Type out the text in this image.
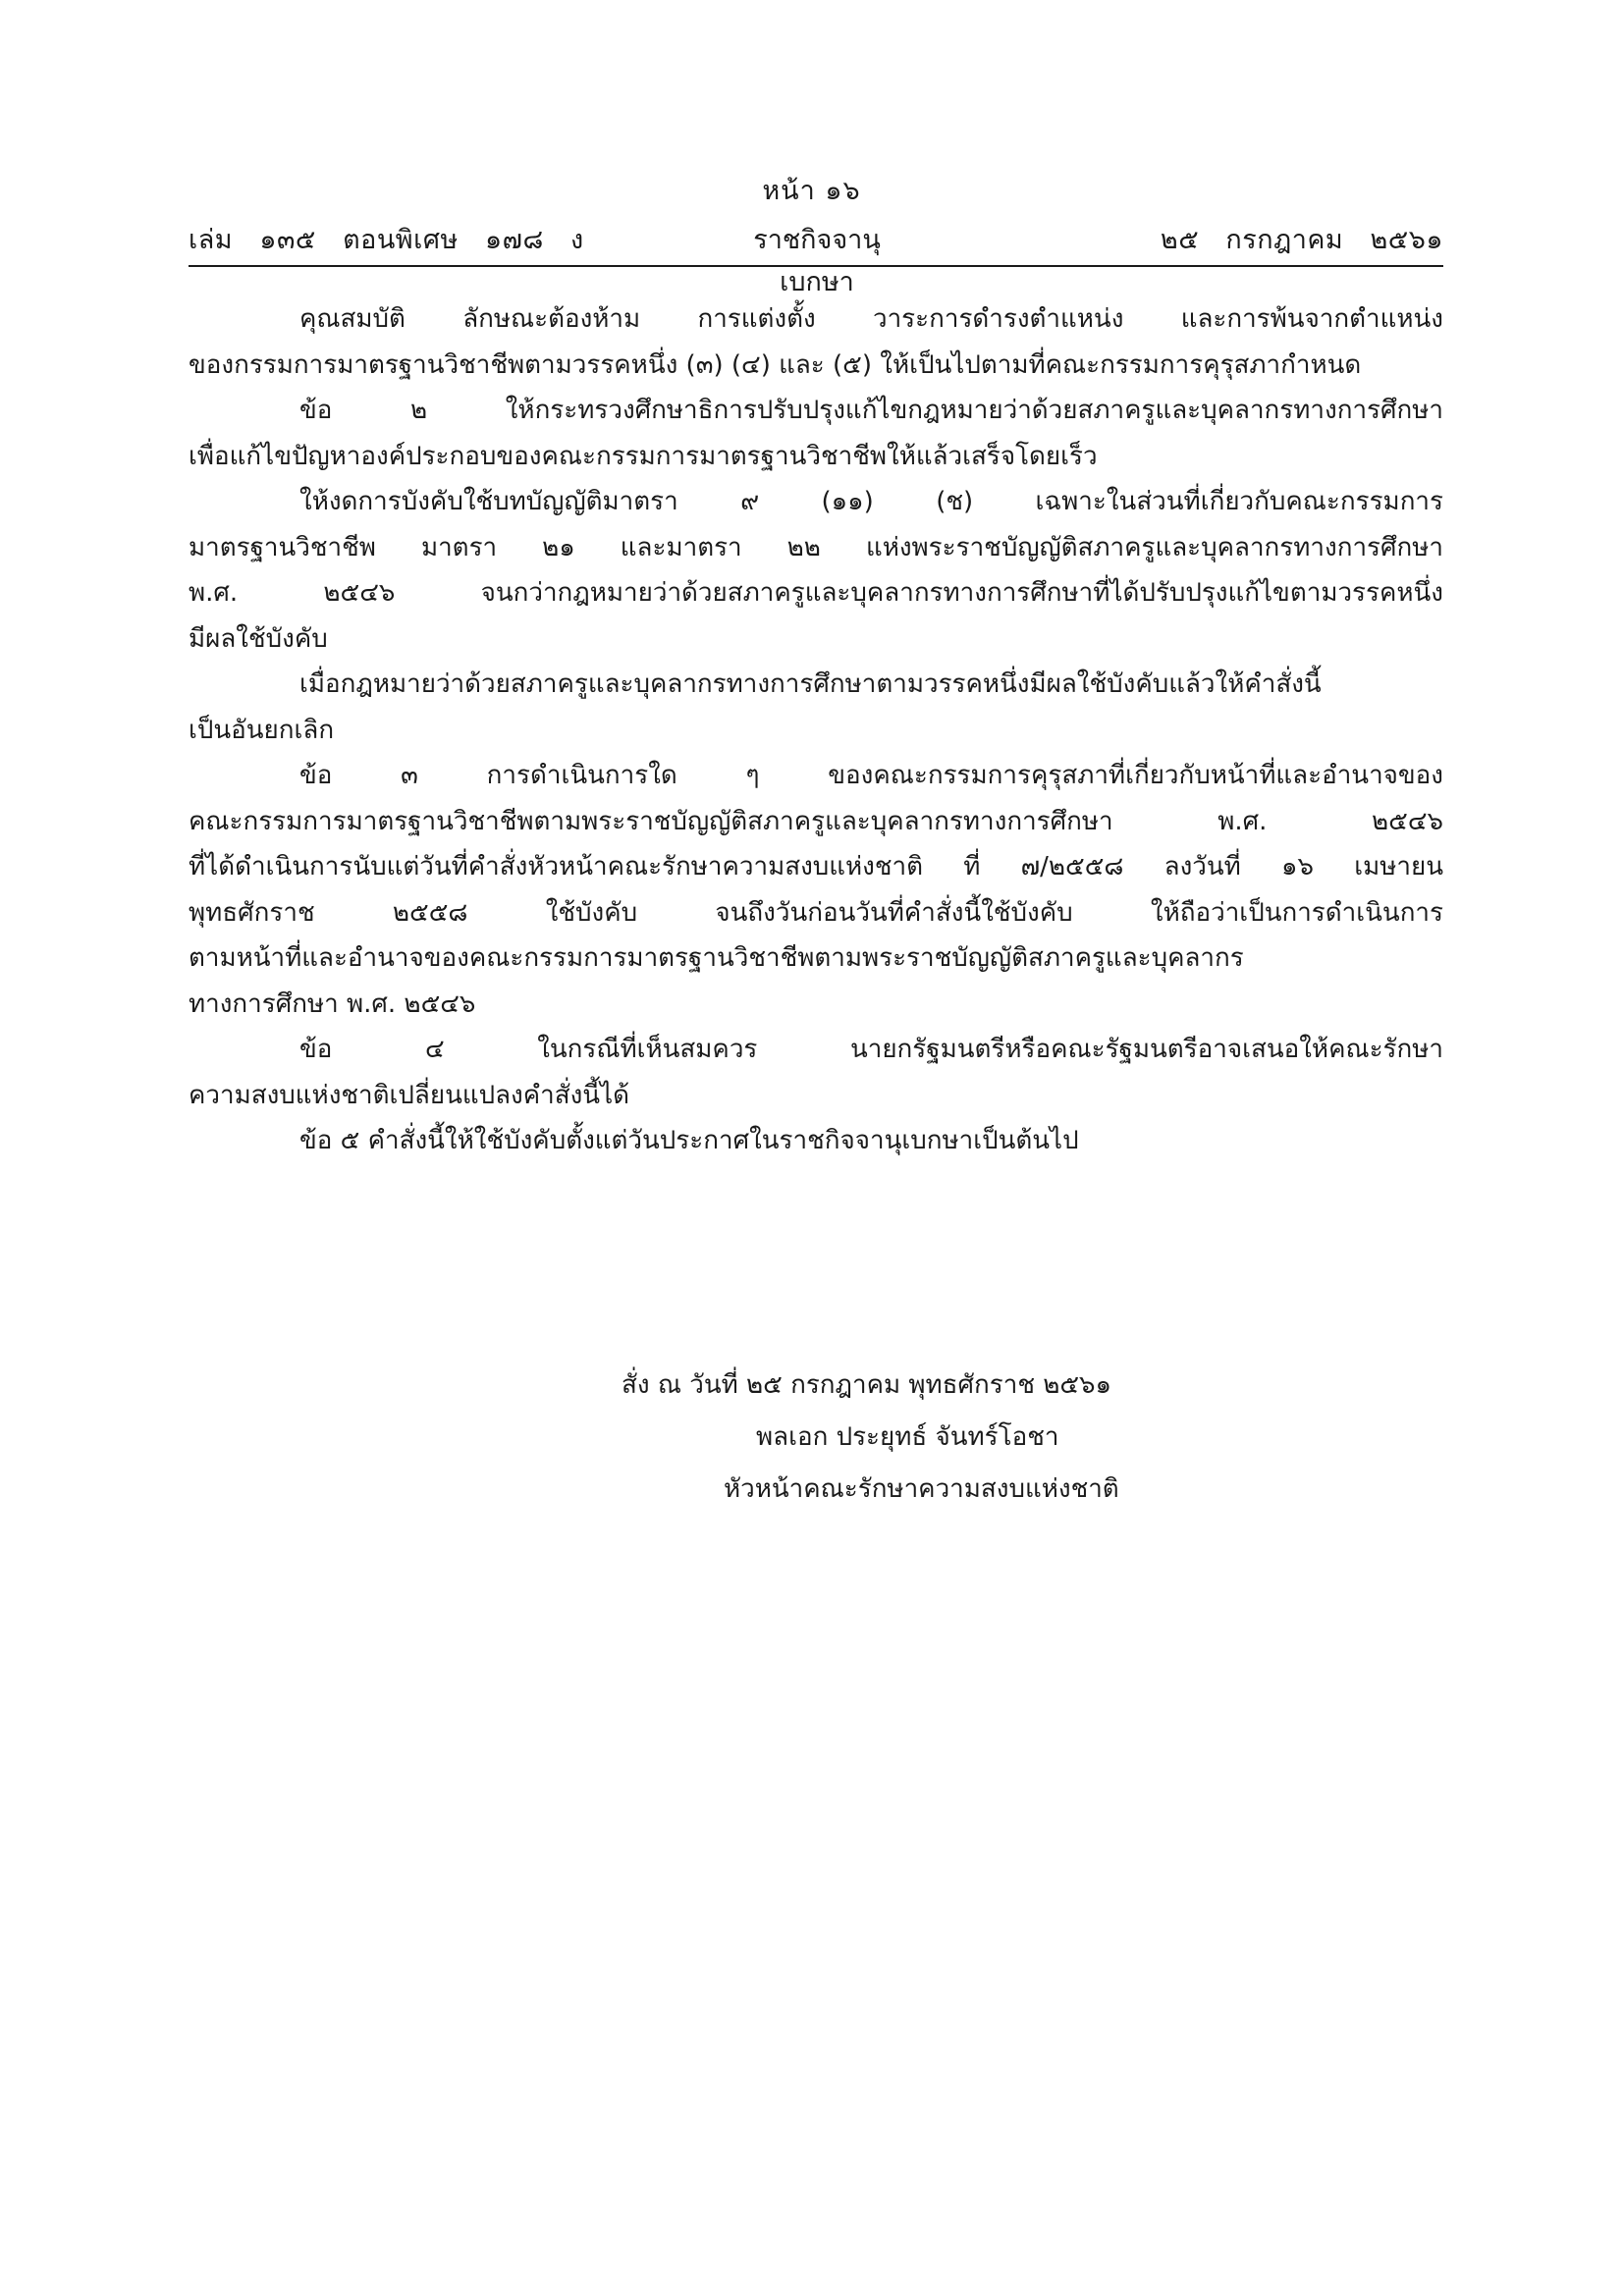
หน้า ๑๖
เล่ม   ๑๓๕   ตอนพิเศษ   ๑๗๘   ง	ราชกิจจานุเบกษา
๒๕   กรกฎาคม   ๒๕๖๑
คุณสมบัติ ลักษณะต้องห้าม การแต่งตั้ง วาระการดำรงตำแหน่ง และการพ้นจากตำแหน่ง
ของกรรมการมาตรฐานวิชาชีพตามวรรคหนึ่ง (๓) (๔) และ (๕) ให้เป็นไปตามที่คณะกรรมการคุรุสภากำหนด
ข้อ ๒ ให้กระทรวงศึกษาธิการปรับปรุงแก้ไขกฎหมายว่าด้วยสภาครูและบุคลากรทางการศึกษา
เพื่อแก้ไขปัญหาองค์ประกอบของคณะกรรมการมาตรฐานวิชาชีพให้แล้วเสร็จโดยเร็ว
ให้งดการบังคับใช้บทบัญญัติมาตรา ๙ (๑๑) (ช) เฉพาะในส่วนที่เกี่ยวกับคณะกรรมการ
มาตรฐานวิชาชีพ มาตรา ๒๑ และมาตรา ๒๒ แห่งพระราชบัญญัติสภาครูและบุคลากรทางการศึกษา
พ.ศ. ๒๕๔๖ จนกว่ากฎหมายว่าด้วยสภาครูและบุคลากรทางการศึกษาที่ได้ปรับปรุงแก้ไขตามวรรคหนึ่ง
มีผลใช้บังคับ
เมื่อกฎหมายว่าด้วยสภาครูและบุคลากรทางการศึกษาตามวรรคหนึ่งมีผลใช้บังคับแล้วให้คำสั่งนี้
เป็นอันยกเลิก
ข้อ ๓ การดำเนินการใด ๆ ของคณะกรรมการคุรุสภาที่เกี่ยวกับหน้าที่และอำนาจของ
คณะกรรมการมาตรฐานวิชาชีพตามพระราชบัญญัติสภาครูและบุคลากรทางการศึกษา พ.ศ. ๒๕๔๖
ที่ได้ดำเนินการนับแต่วันที่คำสั่งหัวหน้าคณะรักษาความสงบแห่งชาติ ที่ ๗/๒๕๕๘ ลงวันที่ ๑๖ เมษายน
พุทธศักราช ๒๕๕๘ ใช้บังคับ จนถึงวันก่อนวันที่คำสั่งนี้ใช้บังคับ ให้ถือว่าเป็นการดำเนินการ
ตามหน้าที่และอำนาจของคณะกรรมการมาตรฐานวิชาชีพตามพระราชบัญญัติสภาครูและบุคลากร
ทางการศึกษา พ.ศ. ๒๕๔๖
ข้อ ๔ ในกรณีที่เห็นสมควร นายกรัฐมนตรีหรือคณะรัฐมนตรีอาจเสนอให้คณะรักษา
ความสงบแห่งชาติเปลี่ยนแปลงคำสั่งนี้ได้
ข้อ ๕ คำสั่งนี้ให้ใช้บังคับตั้งแต่วันประกาศในราชกิจจานุเบกษาเป็นต้นไป
สั่ง ณ วันที่ ๒๕ กรกฎาคม พุทธศักราช ๒๕๖๑
พลเอก ประยุทธ์ จันทร์โอชา
หัวหน้าคณะรักษาความสงบแห่งชาติ
